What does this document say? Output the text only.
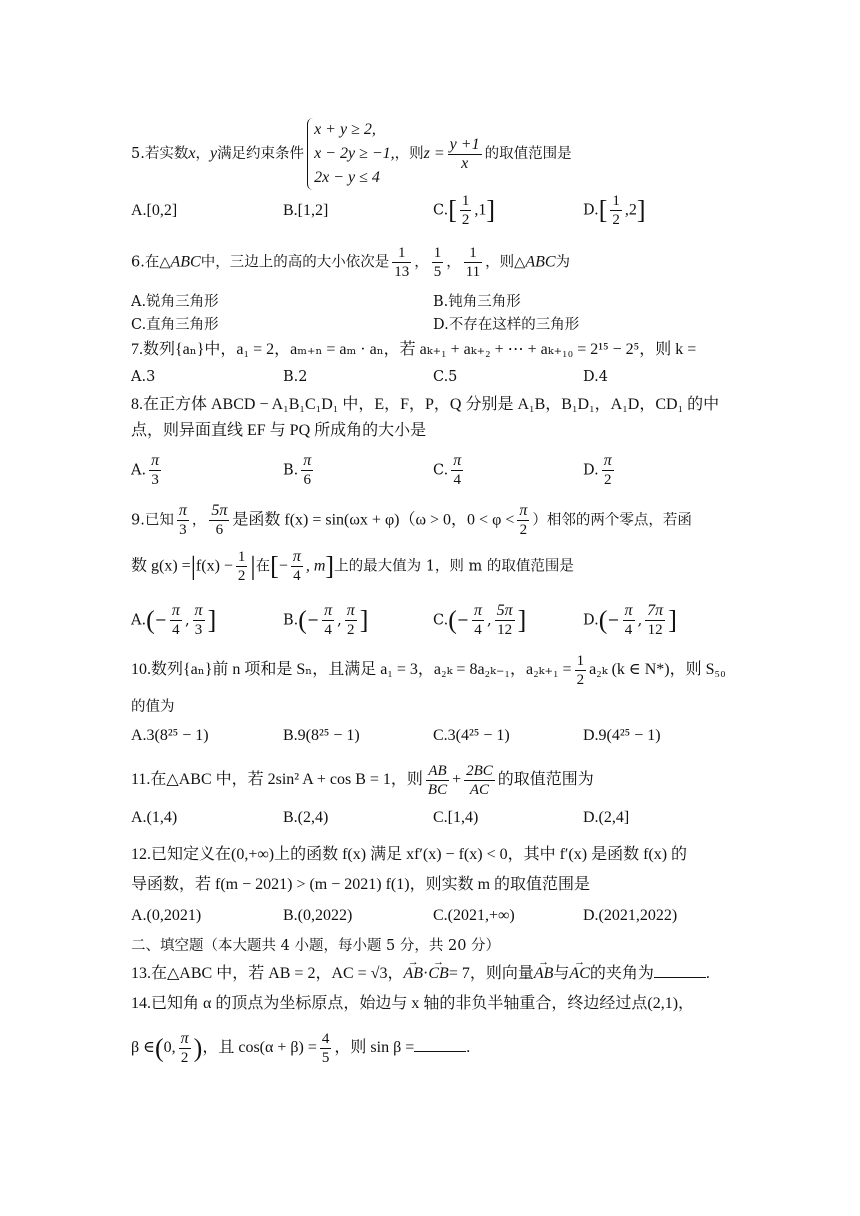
5.若实数x，y满足约束条件
x + y ≥ 2,
x − 2y ≥ −1,
2x − y ≤ 4
，则$z = \frac{y +1}{x}$ 的取值范围是
A.[0,2]	B.[1,2]	$C.[ \frac{1}{2} ,1]$	$D.[ \frac{1}{2} ,2]$
6.在△ABC中，三边上的高的大小依次是 $\frac{1}{13}$ ， $\frac{1}{5}$ ， $\frac{1}{11}$ ，则△ABC为
A.锐角三角形	B.钝角三角形
C.直角三角形	D.不存在这样的三角形
7.数列{aₙ}中，a₁ = 2，aₘ₊ₙ = aₘ · aₙ，若 aₖ₊₁ + aₖ₊₂ + ⋯ + aₖ₊₁₀ = 2¹⁵ − 2⁵，则 k =
A.3	B.2	C.5	D.4
8.在正方体 ABCD − A₁B₁C₁D₁ 中，E，F，P，Q 分别是 A₁B，B₁D₁，A₁D，CD₁ 的中
点，则异面直线 EF 与 PQ 所成角的大小是
A. $\frac{\pi}{3}$	B. $\frac{\pi}{6}$	C. $\frac{\pi}{4}$	D. $\frac{\pi}{2}$
9.已知 $\frac{\pi}{3}$ ， $\frac{5\pi}{6}$ 是函数 f(x) = sin(ωx + φ)（ω > 0，$0 < \varphi < \frac{\pi}{2}$ ）相邻的两个零点，若函
数 $g(x) =|f(x) - \frac{1}{2}$ |在[− $\frac{\pi}{4}$ , m]上的最大值为 1，则 m 的取值范围是
$A.(- \frac{\pi}{4}$ , $\frac{\pi}{3}$ ]	$B.(- \frac{\pi}{4}$ , $\frac{\pi}{2}$ ]	$C.(- \frac{\pi}{4}$ , $\frac{5\pi}{12}$ ]	$D.(- \frac{\pi}{4}$ , $\frac{7\pi}{12}$ ]
10.数列{aₙ}前 n 项和是 Sₙ，且满足 a₁ = 3，a₂ₖ = 8a₂ₖ₋₁，$a_{2k+1} = \frac{1}{2} a_{2k}$ (k ∈ N*)，则 S₅₀
的值为
A.3(8²⁵ − 1)	B.9(8²⁵ − 1)	C.3(4²⁵ − 1)	D.9(4²⁵ − 1)
11.在△ABC 中，若 2sin² A + cos B = 1，则 $\frac{AB}{BC} + \frac{2BC}{AC}$ 的取值范围为
A.(1,4)	B.(2,4)	C.[1,4)	D.(2,4]
12.已知定义在(0,+∞)上的函数 f(x) 满足 xf′(x) − f(x) < 0，其中 f′(x) 是函数 f(x) 的
导函数，若 f(m − 2021) > (m − 2021) f(1)，则实数 m 的取值范围是
A.(0,2021)	B.(0,2022)	C.(2021,+∞)	D.(2021,2022)
二、填空题（本大题共 4 小题，每小题 5 分，共 20 分）
13.在△ABC 中，若 AB = 2，AC = √3，→ AB·→ CB= 7，则向量→ AB与→ AC的夹角为	.
14.已知角 α 的顶点为坐标原点，始边与 x 轴的非负半轴重合，终边经过点(2,1)，
β ∈(0, $\frac{\pi}{2}$ )，且 $\cos(\alpha + \beta) = \frac{4}{5}$ ，则 sin β =	.
